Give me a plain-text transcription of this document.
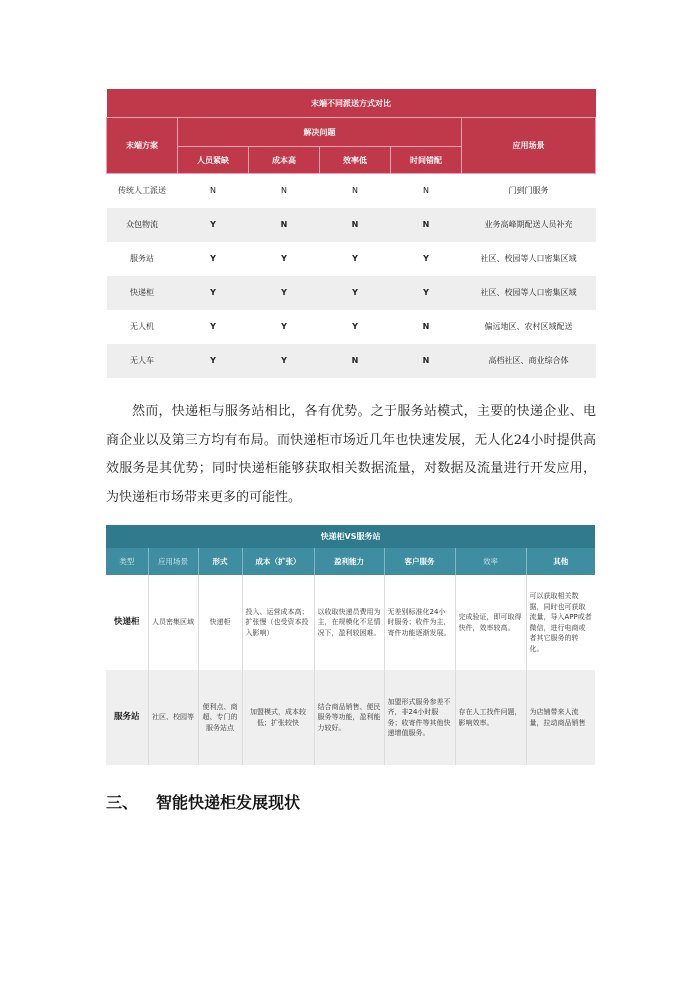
末端不同派送方式对比					
末端方案	解决问题				应用场景
	人员紧缺	成本高	效率低	时间错配	
传统人工派送	N	N	N	N	门到门服务
众包物流	Y	N	N	N	业务高峰期配送人员补充
服务站	Y	Y	Y	Y	社区、校园等人口密集区域
快递柜	Y	Y	Y	Y	社区、校园等人口密集区域
无人机	Y	Y	Y	N	偏远地区、农村区域配送
无人车	Y	Y	N	N	高档社区、商业综合体

然而，快递柜与服务站相比，各有优势。之于服务站模式，主要的快递企业、电商企业以及第三方均有布局。而快递柜市场近几年也快速发展，无人化24小时提供高效服务是其优势；同时快递柜能够获取相关数据流量，对数据及流量进行开发应用，为快递柜市场带来更多的可能性。

快递柜VS服务站							
类型	应用场景	形式	成本（扩张）	盈利能力	客户服务	效率	其他
快递柜	人员密集区域	快递柜	投入、运营成本高；扩张慢（也受资本投入影响）	以收取快递员费用为主，在规模化不足情况下，盈利较困难。	无差别标准化24小时服务；收件为主，寄件功能逐渐发展。	完成验证，即可取得快件，效率较高。	可以获取相关数据，同时也可获取流量，导入APP或者微信，进行电商或者其它服务的转化。
服务站	社区、校园等	便利点、商超、专门的服务站点	加盟模式，成本较低；扩张较快	结合商品销售、便民服务等功能，盈利能力较好。	加盟形式服务参差不齐，非24小时服务；收寄件等其他快递增值服务。	存在人工找件问题，影响效率。	为店铺带来人流量，拉动商品销售
三、 智能快递柜发展现状
